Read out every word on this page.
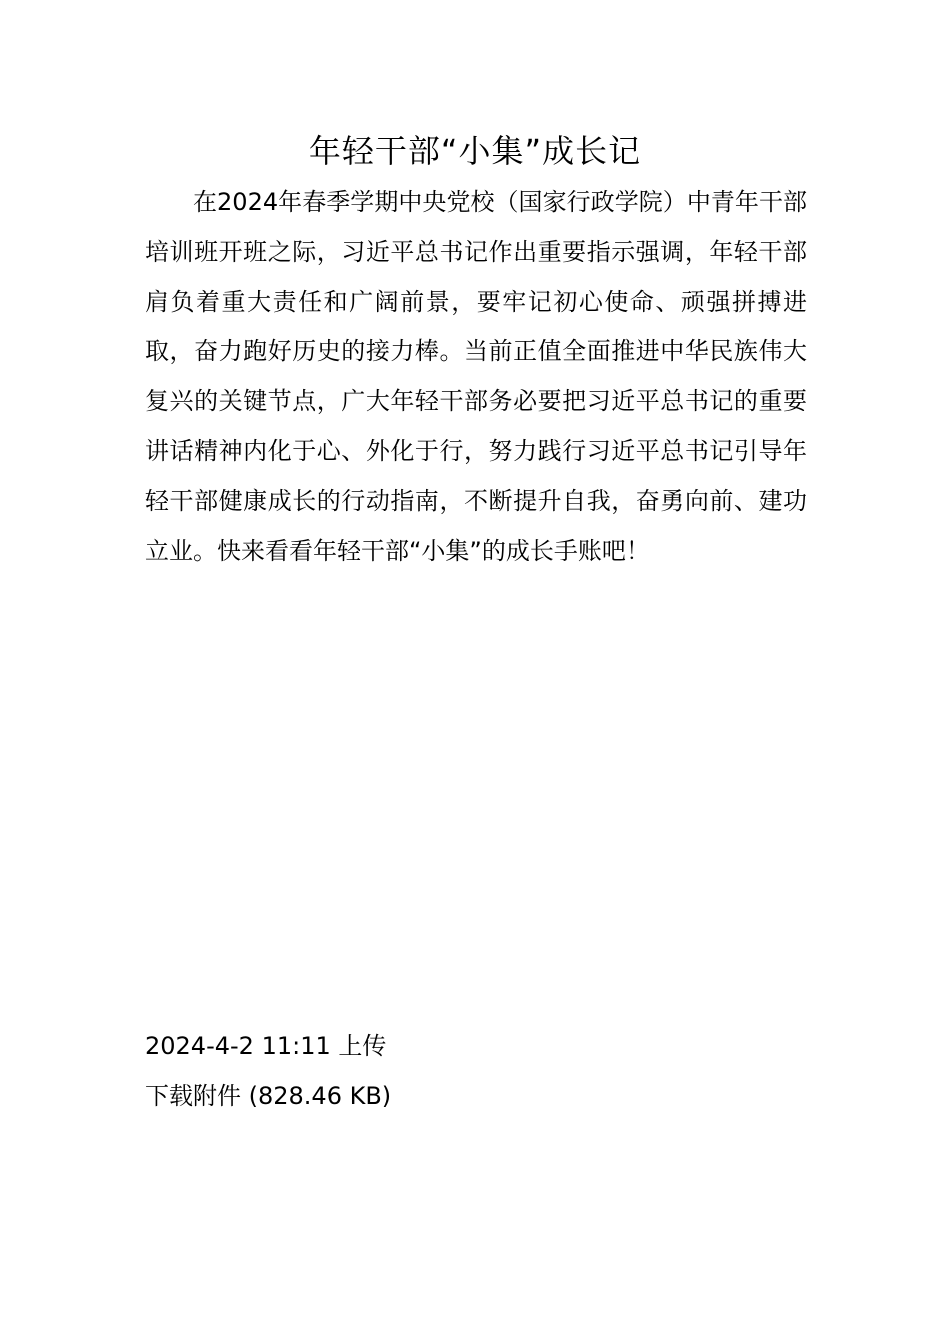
年轻干部“小集”成长记

在2024年春季学期中央党校（国家行政学院）中青年干部培训班开班之际，习近平总书记作出重要指示强调，年轻干部肩负着重大责任和广阔前景，要牢记初心使命、顽强拼搏进取，奋力跑好历史的接力棒。当前正值全面推进中华民族伟大复兴的关键节点，广大年轻干部务必要把习近平总书记的重要讲话精神内化于心、外化于行，努力践行习近平总书记引导年轻干部健康成长的行动指南，不断提升自我，奋勇向前、建功立业。快来看看年轻干部“小集”的成长手账吧！

2024-4-2 11:11 上传

下载附件 (828.46 KB)
